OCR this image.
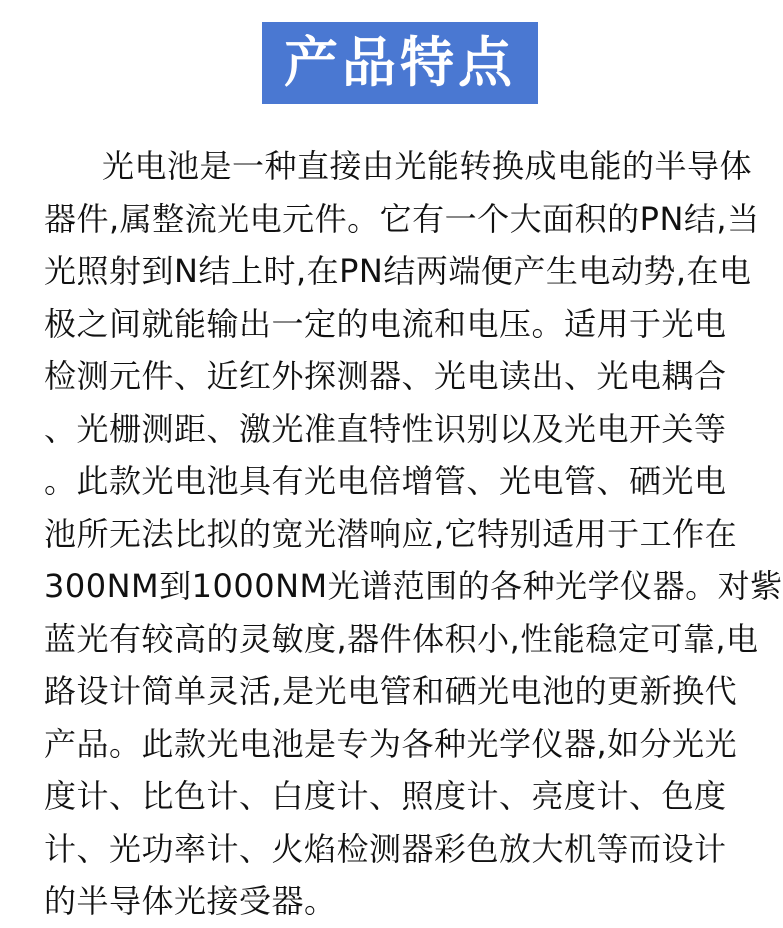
产品特点
光电池是一种直接由光能转换成电能的半导体
器件,属整流光电元件。它有一个大面积的PN结,当
光照射到N结上时,在PN结两端便产生电动势,在电
极之间就能输出一定的电流和电压。适用于光电
检测元件、近红外探测器、光电读出、光电耦合
、光栅测距、激光准直特性识别以及光电开关等
。此款光电池具有光电倍增管、光电管、硒光电
池所无法比拟的宽光潜响应,它特别适用于工作在
300NM到1000NM光谱范围的各种光学仪器。对紫
蓝光有较高的灵敏度,器件体积小,性能稳定可靠,电
路设计简单灵活,是光电管和硒光电池的更新换代
产品。此款光电池是专为各种光学仪器,如分光光
度计、比色计、白度计、照度计、亮度计、色度
计、光功率计、火焰检测器彩色放大机等而设计
的半导体光接受器。
